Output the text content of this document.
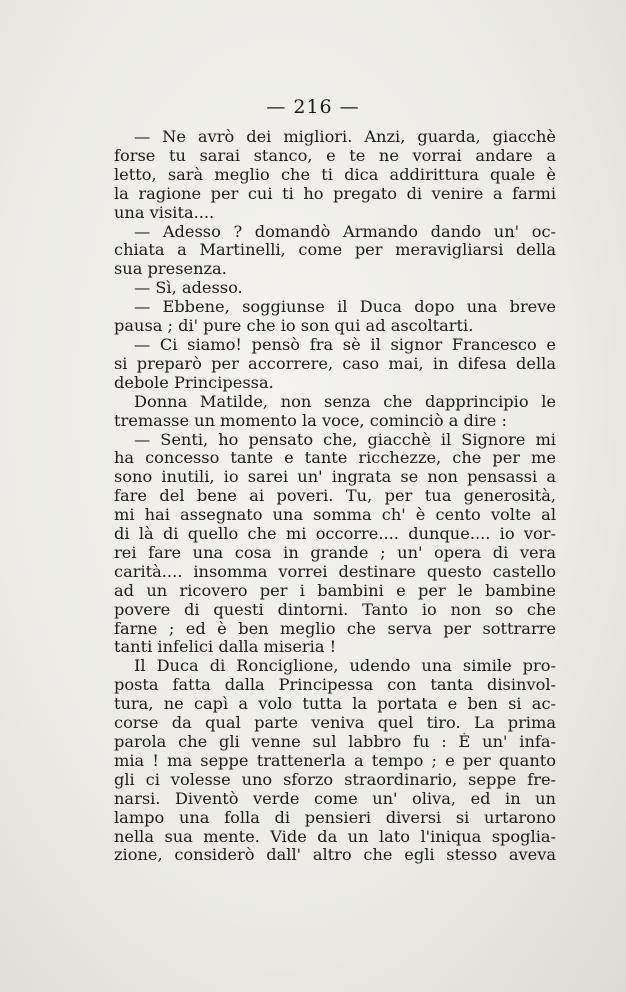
— 216 —
— Ne avrò dei migliori. Anzi, guarda, giacchè
forse tu sarai stanco, e te ne vorrai andare a
letto, sarà meglio che ti dica addirittura quale è
la ragione per cui ti ho pregato di venire a farmi
una visita....
— Adesso ? domandò Armando dando un' oc-
chiata a Martinelli, come per meravigliarsi della
sua presenza.
— Sì, adesso.
— Ebbene, soggiunse il Duca dopo una breve
pausa ; di' pure che io son qui ad ascoltarti.
— Ci siamo! pensò fra sè il signor Francesco e
si preparò per accorrere, caso mai, in difesa della
debole Principessa.
Donna Matilde, non senza che dapprincipio le
tremasse un momento la voce, cominciò a dire :
— Senti, ho pensato che, giacchè il Signore mi
ha concesso tante e tante ricchezze, che per me
sono inutili, io sarei un' ingrata se non pensassi a
fare del bene ai poveri. Tu, per tua generosità,
mi hai assegnato una somma ch' è cento volte al
di là di quello che mi occorre.... dunque.... io vor-
rei fare una cosa in grande ; un' opera di vera
carità.... insomma vorrei destinare questo castello
ad un ricovero per i bambini e per le bambine
povere di questi dintorni. Tanto io non so che
farne ; ed è ben meglio che serva per sottrarre
tanti infelici dalla miseria !
Il Duca di Ronciglione, udendo una simile pro-
posta fatta dalla Principessa con tanta disinvol-
tura, ne capì a volo tutta la portata e ben si ac-
corse da qual parte veniva quel tiro. La prima
parola che gli venne sul labbro fu : È un' infa-
mia ! ma seppe trattenerla a tempo ; e per quanto
gli ci volesse uno sforzo straordinario, seppe fre-
narsi. Diventò verde come un' oliva, ed in un
lampo una folla di pensieri diversi si urtarono
nella sua mente. Vide da un lato l'iniqua spoglia-
zione, considerò dall' altro che egli stesso aveva
